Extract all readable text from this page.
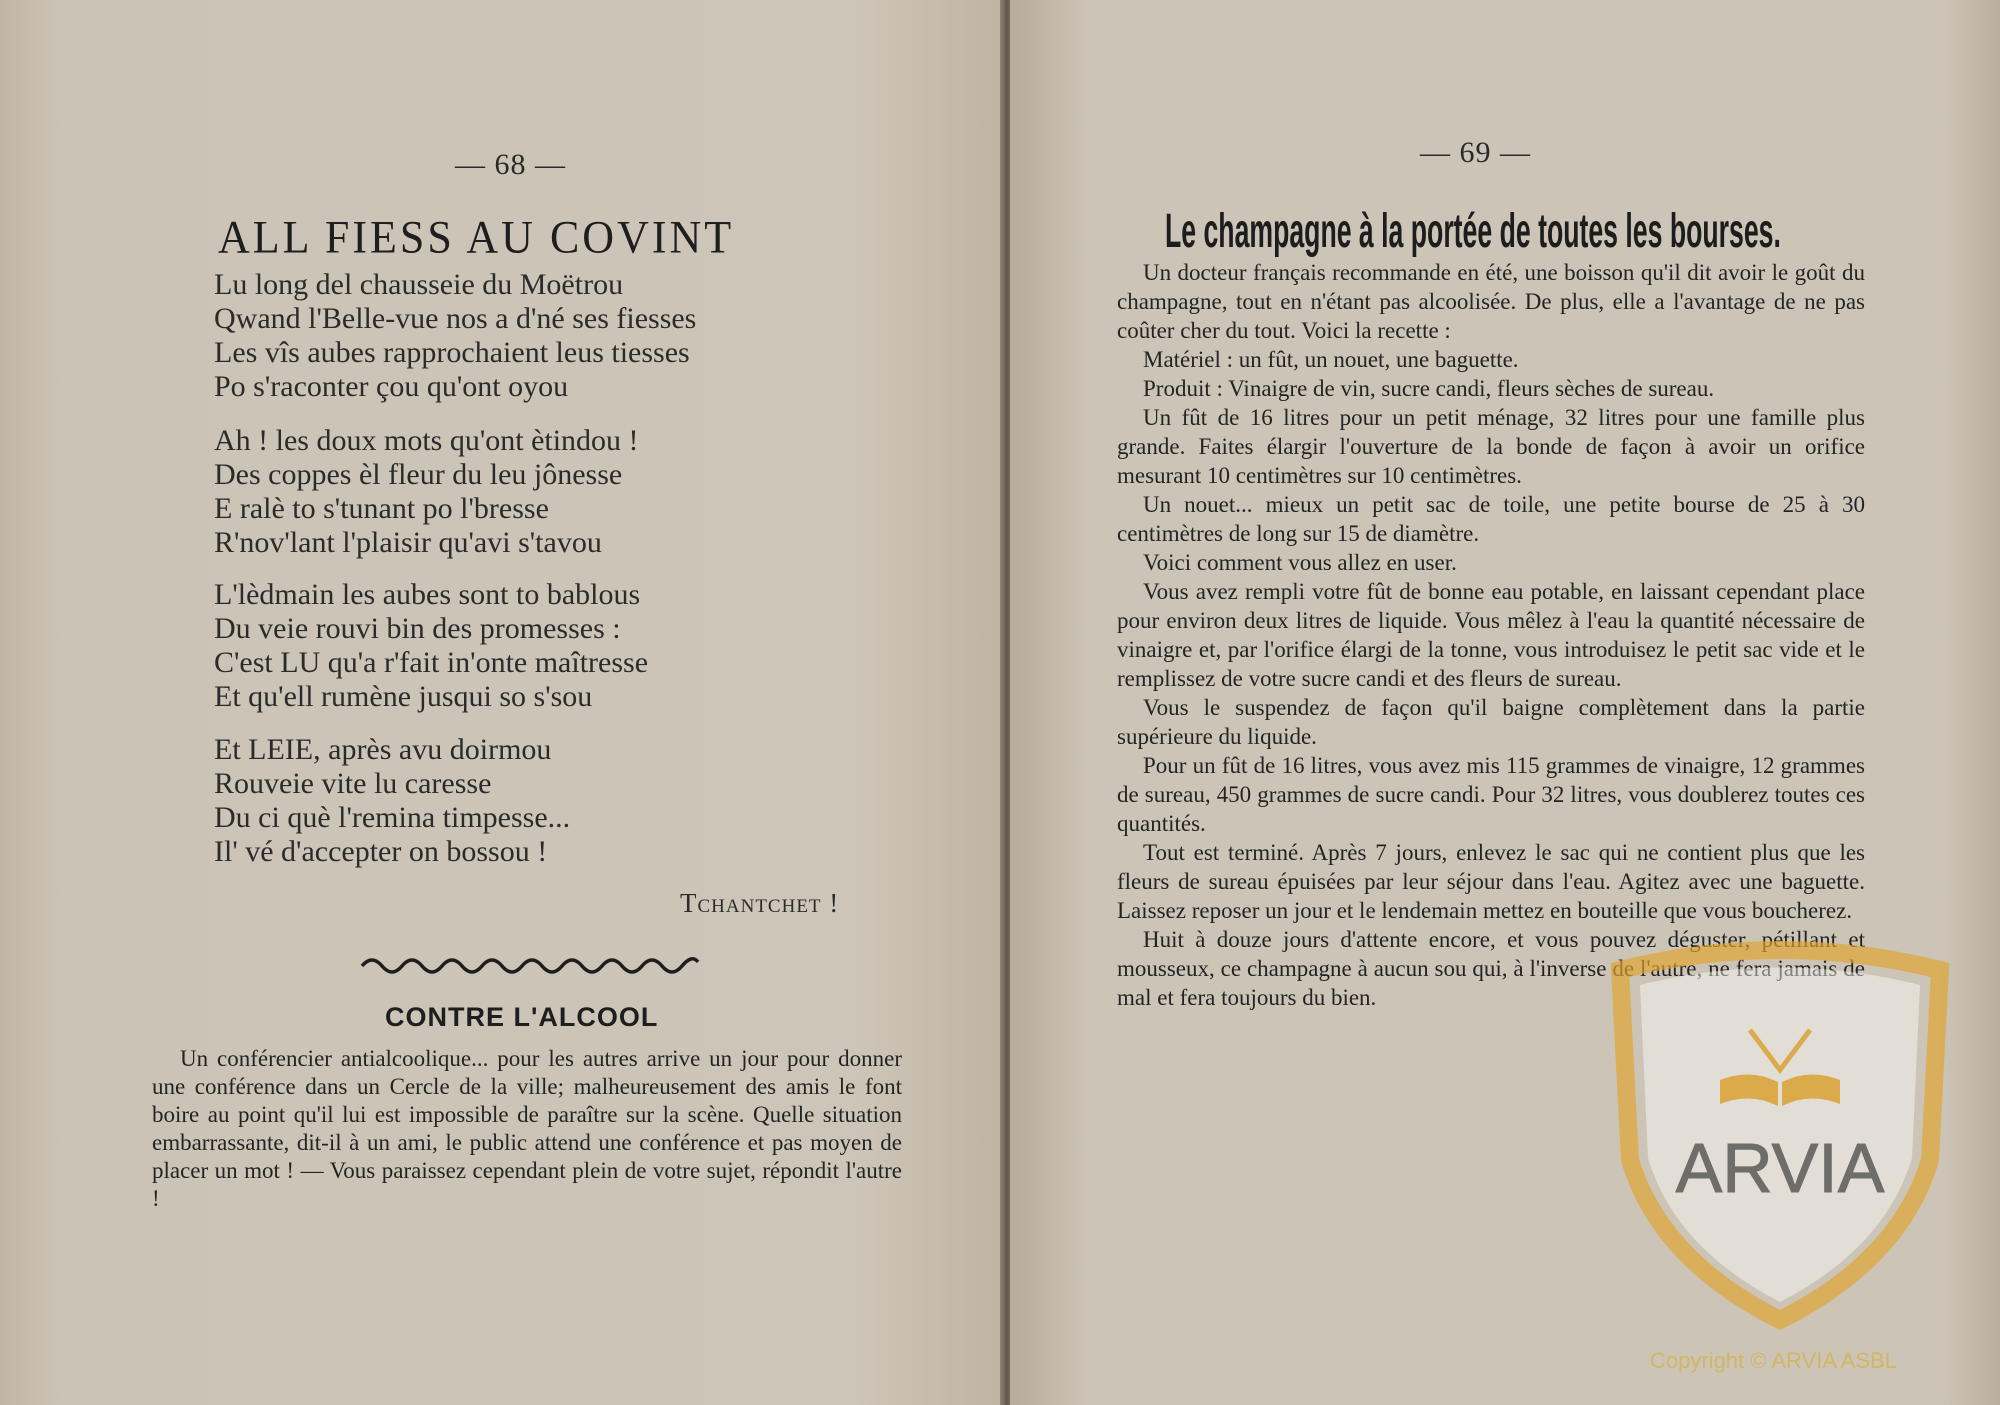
— 68 —
ALL FIESS AU COVINT
Lu long del chausseie du Moëtrou
Qwand l'Belle-vue nos a d'né ses fiesses
Les vîs aubes rapprochaient leus tiesses
Po s'raconter çou qu'ont oyou
Ah ! les doux mots qu'ont ètindou !
Des coppes èl fleur du leu jônesse
E ralè to s'tunant po l'bresse
R'nov'lant l'plaisir qu'avi s'tavou
L'lèdmain les aubes sont to bablous
Du veie rouvi bin des promesses :
C'est LU qu'a r'fait in'onte maîtresse
Et qu'ell rumène jusqui so s'sou
Et LEIE, après avu doirmou
Rouveie vite lu caresse
Du ci què l'remina timpesse...
Il' vé d'accepter on bossou !
Tchantchet !
CONTRE L'ALCOOL

Un conférencier antialcoolique... pour les autres arrive un jour pour donner une conférence dans un Cercle de la ville; malheureusement des amis le font boire au point qu'il lui est impossible de paraître sur la scène. Quelle situation embarrassante, dit-il à un ami, le public attend une conférence et pas moyen de placer un mot ! — Vous paraissez cependant plein de votre sujet, répondit l'autre !

— 69 —
Le champagne à la portée de toutes les bourses.

Un docteur français recommande en été, une boisson qu'il dit avoir le goût du champagne, tout en n'étant pas alcoolisée. De plus, elle a l'avantage de ne pas coûter cher du tout. Voici la recette :

Matériel : un fût, un nouet, une baguette.

Produit : Vinaigre de vin, sucre candi, fleurs sèches de sureau.

Un fût de 16 litres pour un petit ménage, 32 litres pour une famille plus grande. Faites élargir l'ouverture de la bonde de façon à avoir un orifice mesurant 10 centimètres sur 10 centimètres.

Un nouet... mieux un petit sac de toile, une petite bourse de 25 à 30 centimètres de long sur 15 de diamètre.

Voici comment vous allez en user.

Vous avez rempli votre fût de bonne eau potable, en laissant cependant place pour environ deux litres de liquide. Vous mêlez à l'eau la quantité nécessaire de vinaigre et, par l'orifice élargi de la tonne, vous introduisez le petit sac vide et le remplissez de votre sucre candi et des fleurs de sureau.

Vous le suspendez de façon qu'il baigne complètement dans la partie supérieure du liquide.

Pour un fût de 16 litres, vous avez mis 115 grammes de vinaigre, 12 grammes de sureau, 450 grammes de sucre candi. Pour 32 litres, vous doublerez toutes ces quantités.

Tout est terminé. Après 7 jours, enlevez le sac qui ne contient plus que les fleurs de sureau épuisées par leur séjour dans l'eau. Agitez avec une baguette. Laissez reposer un jour et le lendemain mettez en bouteille que vous boucherez.

Huit à douze jours d'attente encore, et vous pouvez déguster, pétillant et mousseux, ce champagne à aucun sou qui, à l'inverse de l'autre, ne fera jamais de mal et fera toujours du bien.

ARVIA
Copyright © ARVIA ASBL
